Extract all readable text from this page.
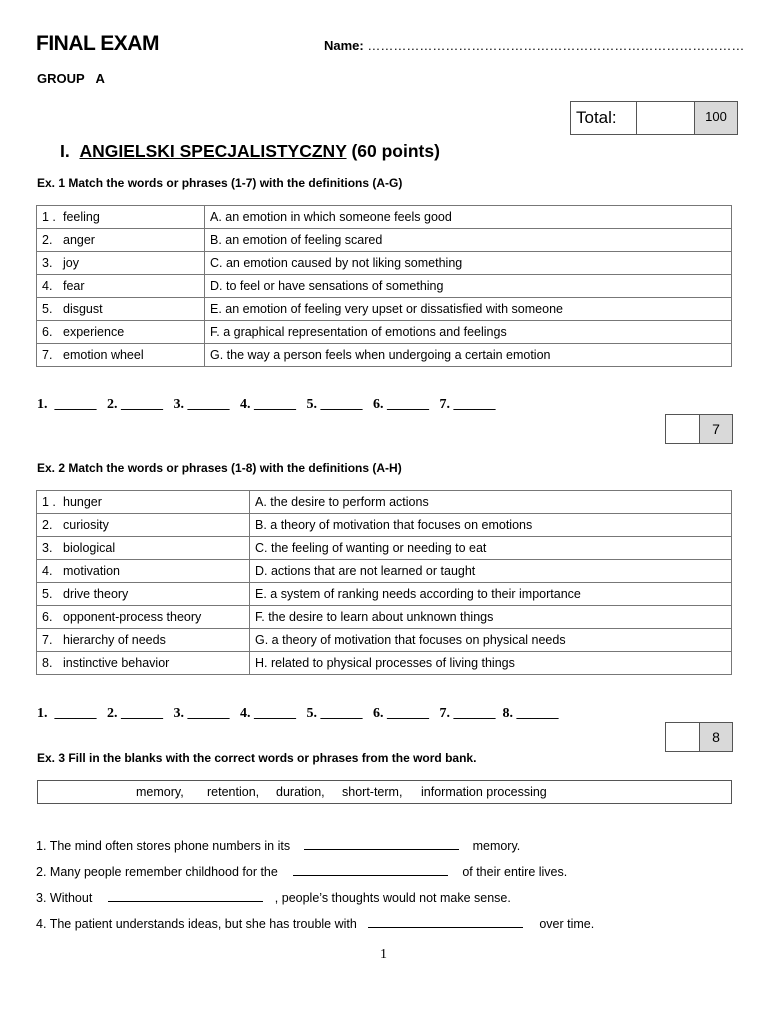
FINAL EXAM	Name: ……………………………………………………………………………
GROUP A
Total:	100
I. ANGIELSKI SPECJALISTYCZNY (60 points)
Ex. 1 Match the words or phrases (1-7) with the definitions (A-G)
1 . feeling	A. an emotion in which someone feels good
2. anger	B. an emotion of feeling scared
3. joy	C. an emotion caused by not liking something
4. fear	D. to feel or have sensations of something
5. disgust	E. an emotion of feeling very upset or dissatisfied with someone
6. experience	F. a graphical representation of emotions and feelings
7. emotion wheel	G. the way a person feels when undergoing a certain emotion
1.  ______   2. ______   3. ______   4. ______   5. ______   6. ______   7. ______
7
Ex. 2 Match the words or phrases (1-8) with the definitions (A-H)
1 . hunger	A. the desire to perform actions
2. curiosity	B. a theory of motivation that focuses on emotions
3. biological	C. the feeling of wanting or needing to eat
4. motivation	D. actions that are not learned or taught
5. drive theory	E. a system of ranking needs according to their importance
6. opponent-process theory	F. the desire to learn about unknown things
7. hierarchy of needs	G. a theory of motivation that focuses on physical needs
8. instinctive behavior	H. related to physical processes of living things
1.  ______   2. ______   3. ______   4. ______   5. ______   6. ______   7. ______  8. ______
8
Ex. 3 Fill in the blanks with the correct words or phrases from the word bank.
memory, retention, duration, short-term, information processing
1. The mind often stores phone numbers in its	memory.
2. Many people remember childhood for the	of their entire lives.
3. Without	, people’s thoughts would not make sense.
4. The patient understands ideas, but she has trouble with	over time.
1
